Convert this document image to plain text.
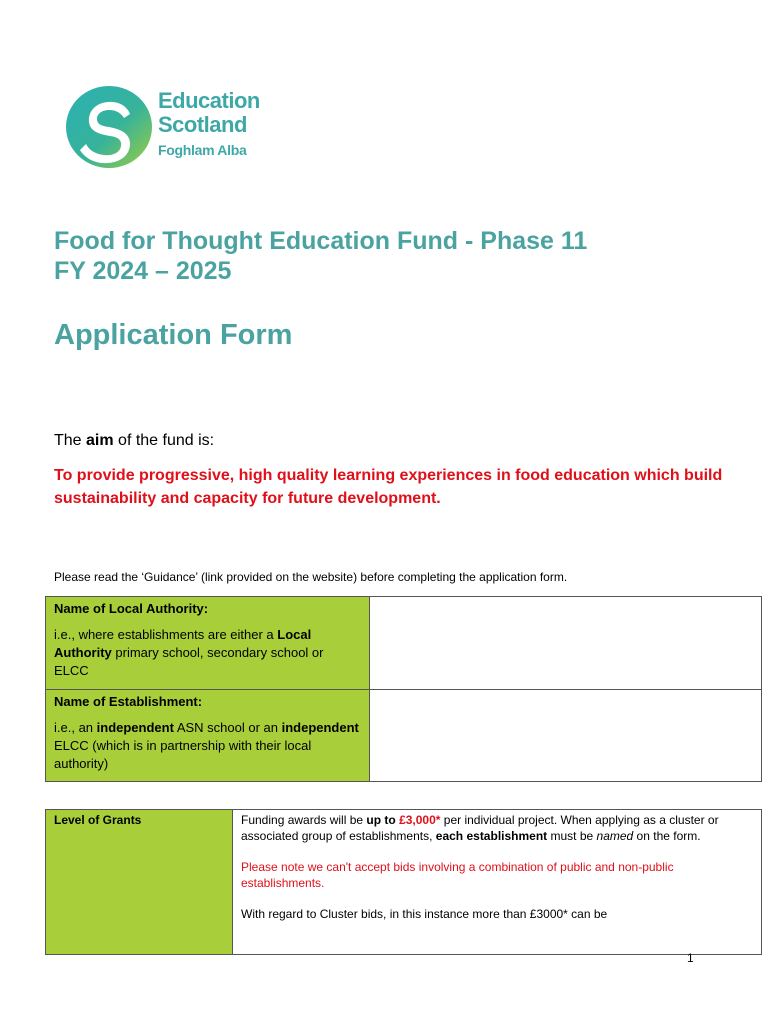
Education
Scotland
Foghlam Alba
Food for Thought Education Fund - Phase 11
FY 2024 – 2025
Application Form
The aim of the fund is:
To provide progressive, high quality learning experiences in food education which build sustainability and capacity for future development.
Please read the ‘Guidance’ (link provided on the website) before completing the application form.
Name of Local Authority:
i.e., where establishments are either a Local Authority primary school, secondary school or ELCC	

Name of Establishment:
i.e., an independent ASN school or an independent ELCC (which is in partnership with their local authority)	

Level of Grants	Funding awards will be up to £3,000* per individual project. When applying as a cluster or associated group of establishments, each establishment must be named on the form.

Please note we can't accept bids involving a combination of public and non-public establishments.

With regard to Cluster bids, in this instance more than £3000* can be

1
